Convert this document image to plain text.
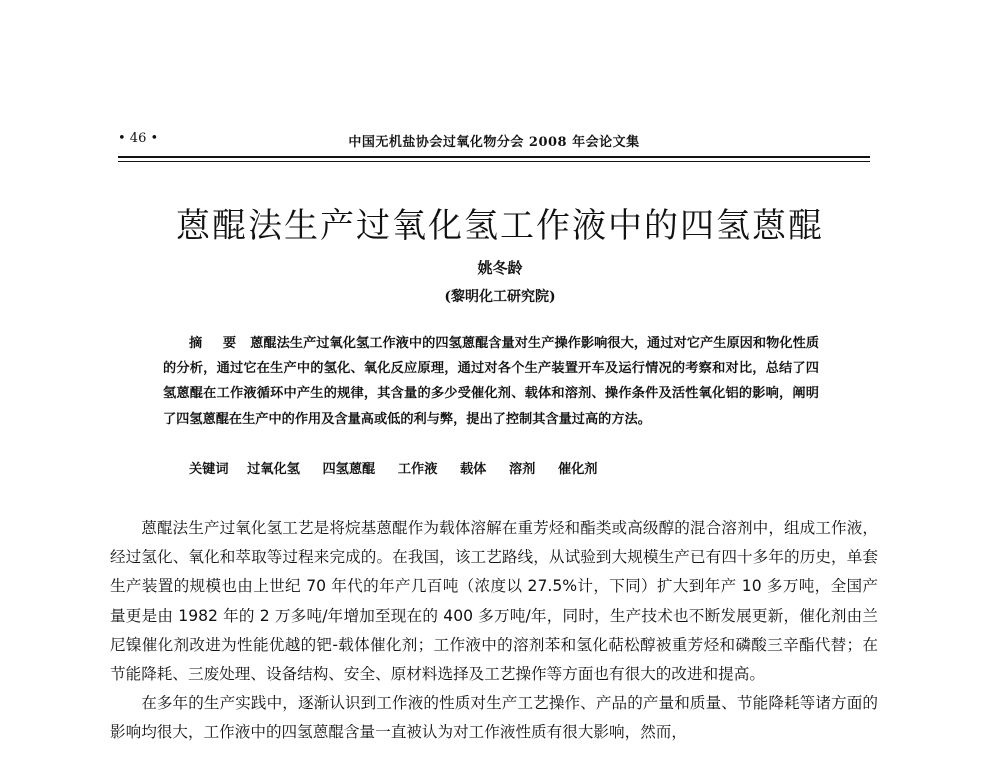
• 46 •	中国无机盐协会过氧化物分会 2008 年会论文集
蒽醌法生产过氧化氢工作液中的四氢蒽醌
姚冬龄
(黎明化工研究院)
摘 要 蒽醌法生产过氧化氢工作液中的四氢蒽醌含量对生产操作影响很大，通过对它产生原因和物化性质的分析，通过它在生产中的氢化、氧化反应原理，通过对各个生产装置开车及运行情况的考察和对比，总结了四氢蒽醌在工作液循环中产生的规律，其含量的多少受催化剂、载体和溶剂、操作条件及活性氧化铝的影响，阐明了四氢蒽醌在生产中的作用及含量高或低的利与弊，提出了控制其含量过高的方法。
关键词 过氧化氢 四氢蒽醌 工作液 载体 溶剂 催化剂

蒽醌法生产过氧化氢工艺是将烷基蒽醌作为载体溶解在重芳烃和酯类或高级醇的混合溶剂中，组成工作液，经过氢化、氧化和萃取等过程来完成的。在我国，该工艺路线，从试验到大规模生产已有四十多年的历史，单套生产装置的规模也由上世纪 70 年代的年产几百吨（浓度以 27.5%计，下同）扩大到年产 10 多万吨，全国产量更是由 1982 年的 2 万多吨/年增加至现在的 400 多万吨/年，同时，生产技术也不断发展更新，催化剂由兰尼镍催化剂改进为性能优越的钯-载体催化剂；工作液中的溶剂苯和氢化萜松醇被重芳烃和磷酸三辛酯代替；在节能降耗、三废处理、设备结构、安全、原材料选择及工艺操作等方面也有很大的改进和提高。

在多年的生产实践中，逐渐认识到工作液的性质对生产工艺操作、产品的产量和质量、节能降耗等诸方面的影响均很大，工作液中的四氢蒽醌含量一直被认为对工作液性质有很大影响，然而，
